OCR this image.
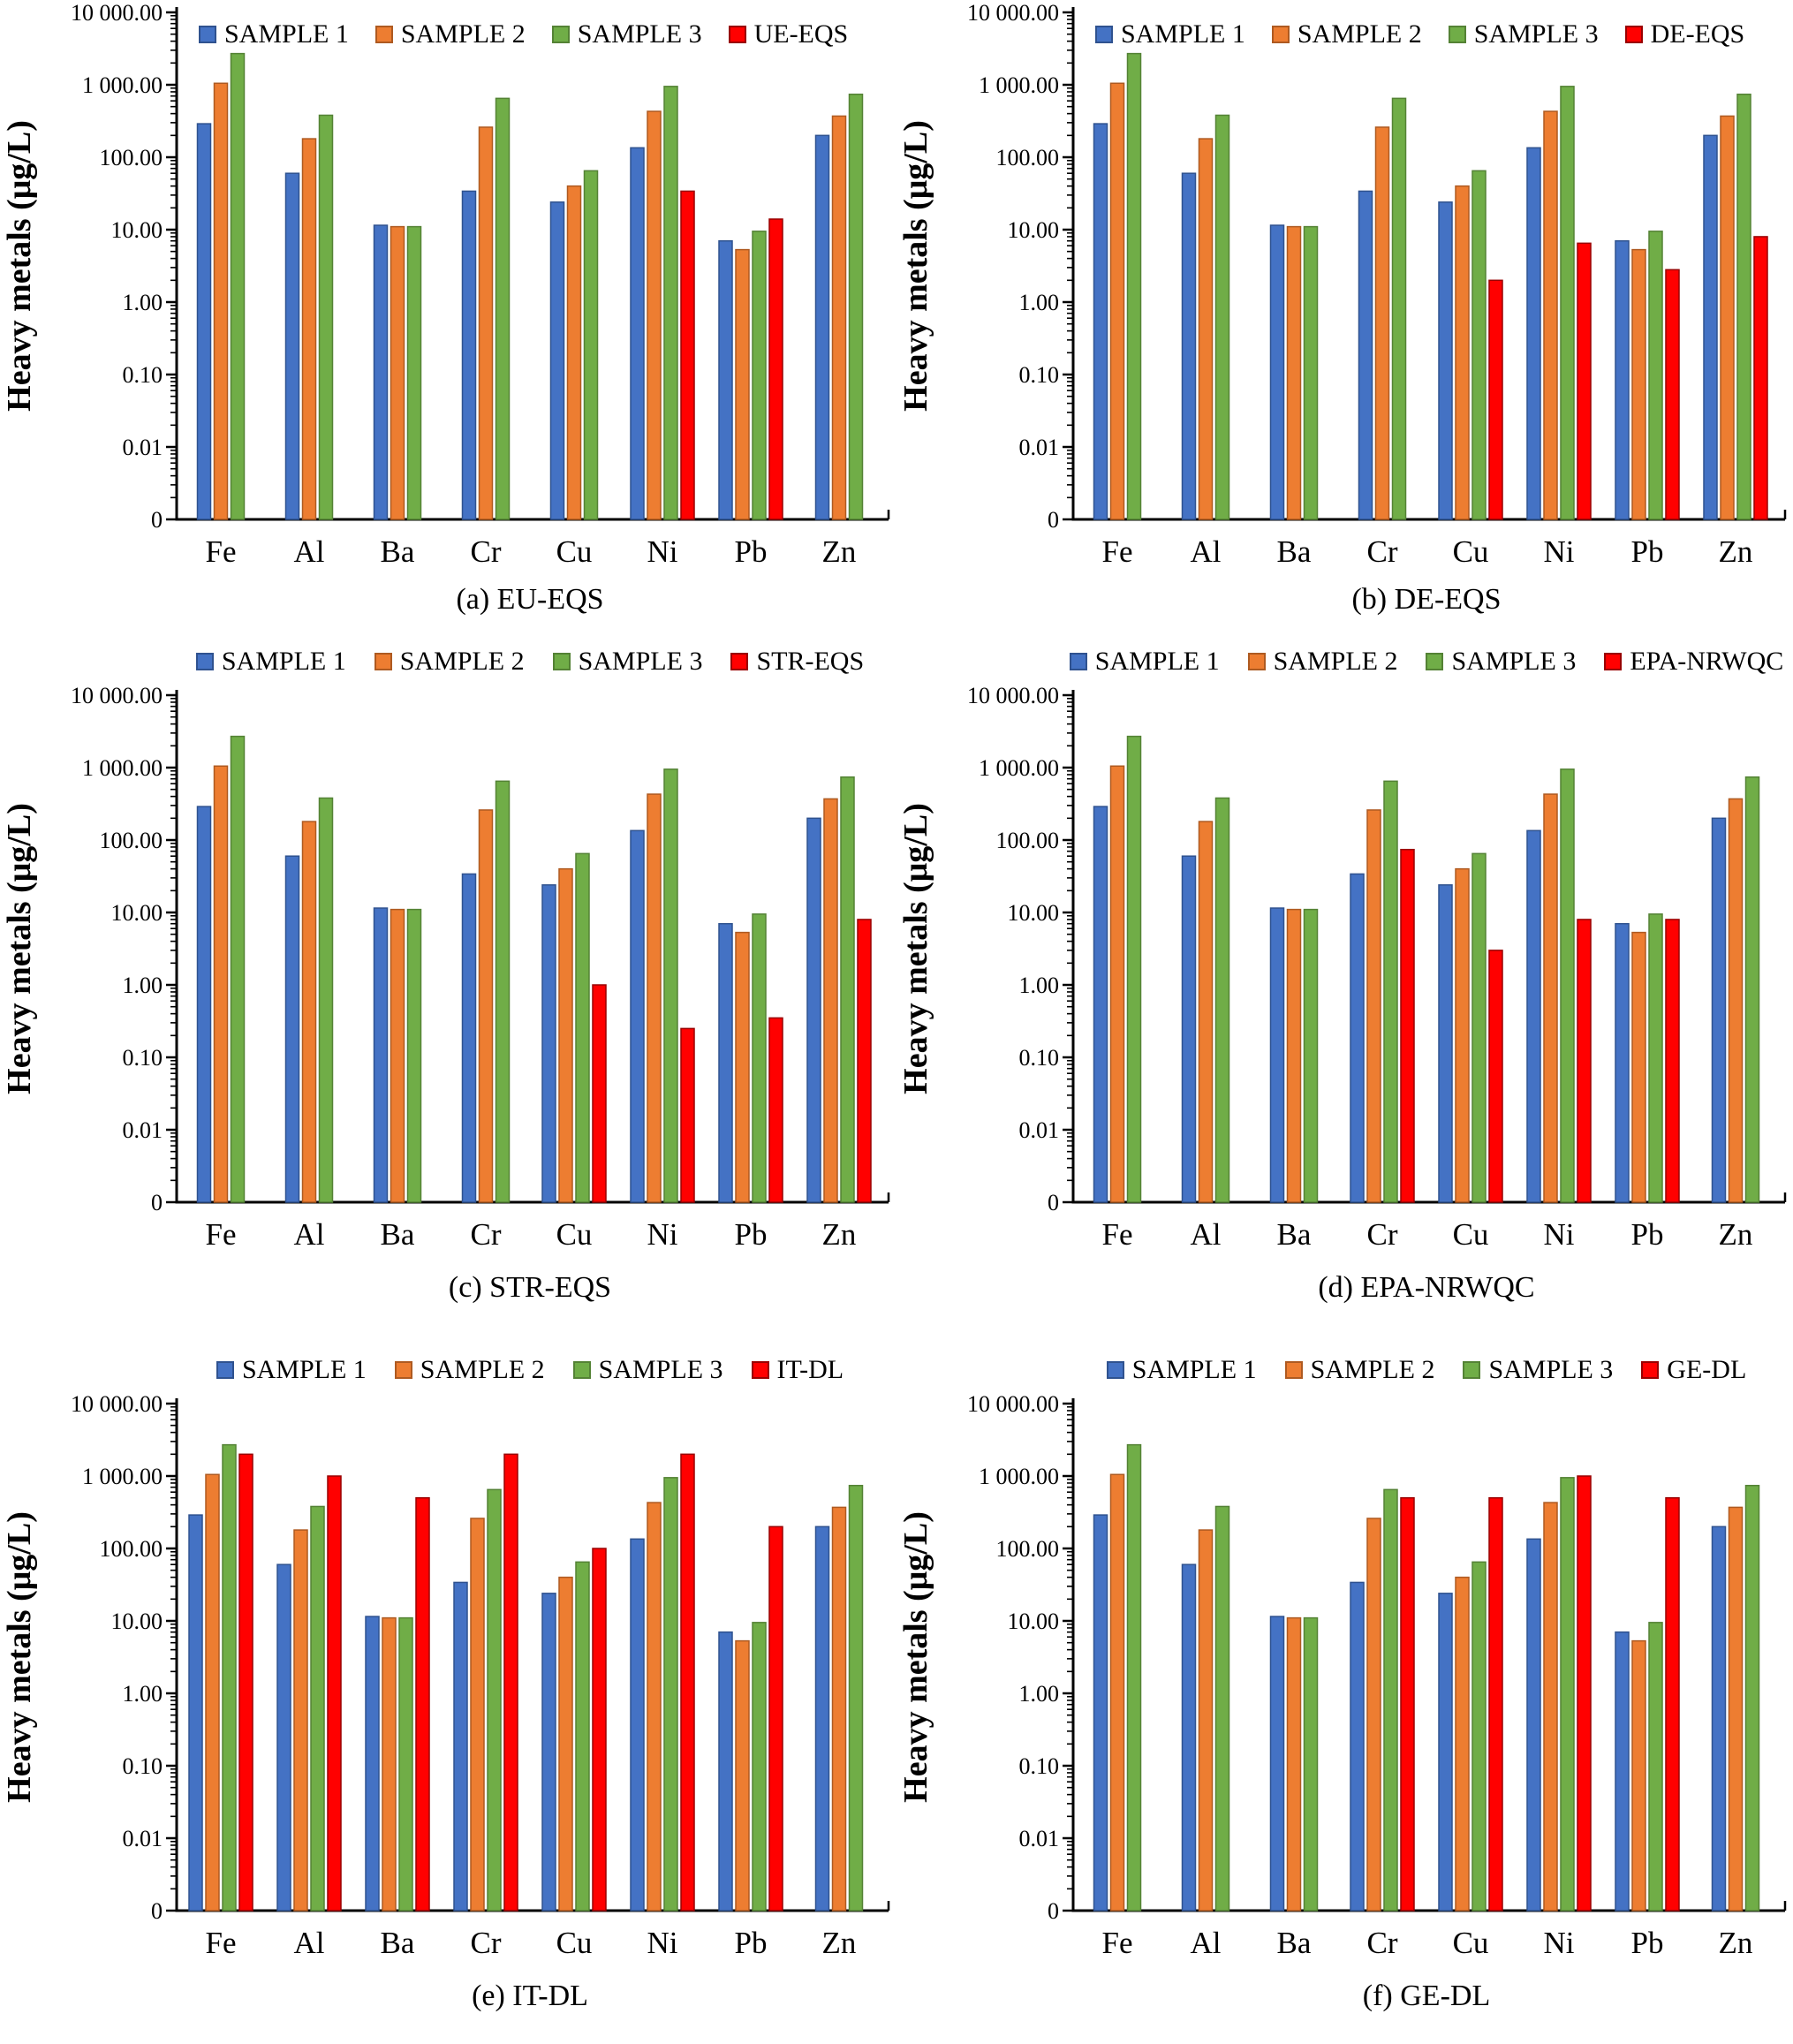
SAMPLE 1 SAMPLE 2 SAMPLE 3 UE-EQS
Heavy metals (μg/L)
10 000.00
1 000.00
100.00
10.00
1.00
0.10
0.01
0
Fe Al Ba Cr Cu Ni Pb Zn
(a) EU-EQS
SAMPLE 1 SAMPLE 2 SAMPLE 3 DE-EQS
Heavy metals (μg/L)
10 000.00
1 000.00
100.00
10.00
1.00
0.10
0.01
0
Fe Al Ba Cr Cu Ni Pb Zn
(b) DE-EQS
SAMPLE 1 SAMPLE 2 SAMPLE 3 STR-EQS
Heavy metals (μg/L)
10 000.00
1 000.00
100.00
10.00
1.00
0.10
0.01
0
Fe Al Ba Cr Cu Ni Pb Zn
(c) STR-EQS
SAMPLE 1 SAMPLE 2 SAMPLE 3 EPA-NRWQC
Heavy metals (μg/L)
10 000.00
1 000.00
100.00
10.00
1.00
0.10
0.01
0
Fe Al Ba Cr Cu Ni Pb Zn
(d) EPA-NRWQC
SAMPLE 1 SAMPLE 2 SAMPLE 3 IT-DL
Heavy metals (μg/L)
10 000.00
1 000.00
100.00
10.00
1.00
0.10
0.01
0
Fe Al Ba Cr Cu Ni Pb Zn
(e) IT-DL
SAMPLE 1 SAMPLE 2 SAMPLE 3 GE-DL
Heavy metals (μg/L)
10 000.00
1 000.00
100.00
10.00
1.00
0.10
0.01
0
Fe Al Ba Cr Cu Ni Pb Zn
(f) GE-DL
